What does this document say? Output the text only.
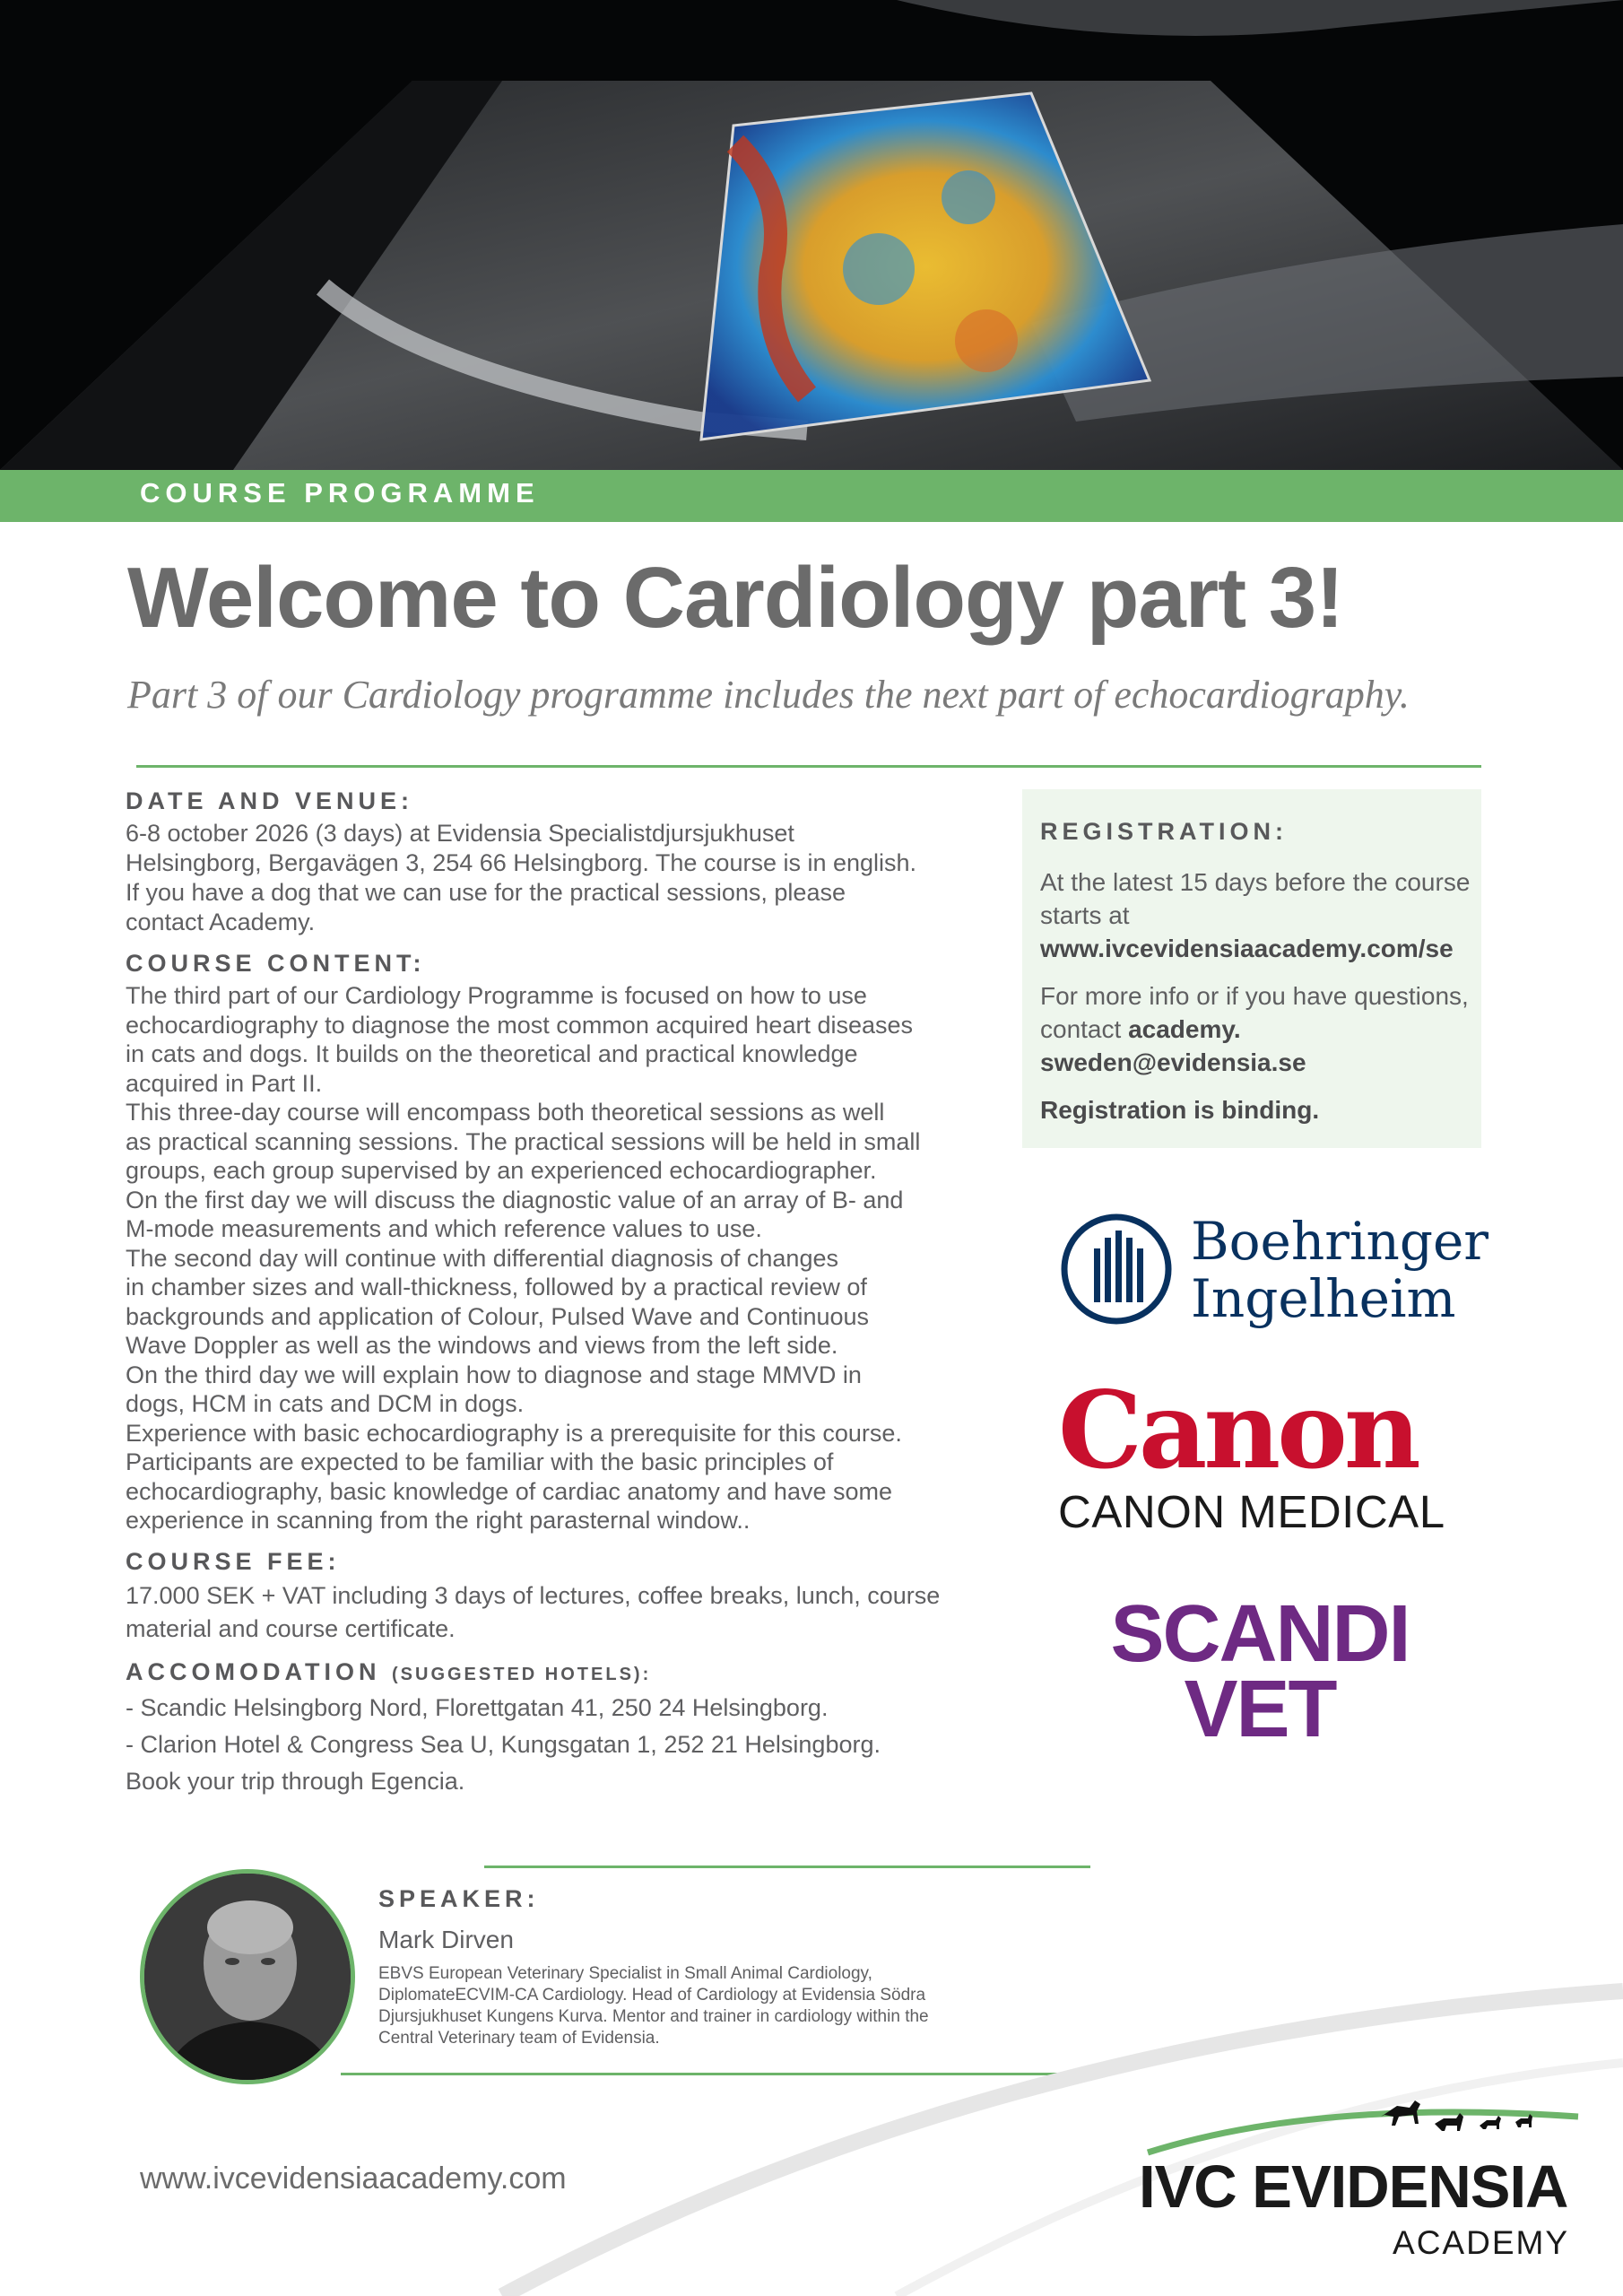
COURSE PROGRAMME
Welcome to Cardiology part 3!

Part 3 of our Cardiology programme includes the next part of echocardiography.

DATE AND VENUE:

6-8 october 2026 (3 days) at Evidensia Specialistdjursjukhuset

Helsingborg, Bergavägen 3, 254 66 Helsingborg. The course is in english.

If you have a dog that we can use for the practical sessions, please

contact Academy.

COURSE CONTENT:

The third part of our Cardiology Programme is focused on how to use

echocardiography to diagnose the most common acquired heart diseases

in cats and dogs. It builds on the theoretical and practical knowledge

acquired in Part II.

This three-day course will encompass both theoretical sessions as well

as practical scanning sessions. The practical sessions will be held in small

groups, each group supervised by an experienced echocardiographer.

On the first day we will discuss the diagnostic value of an array of B- and

M-mode measurements and which reference values to use.

The second day will continue with differential diagnosis of changes

in chamber sizes and wall-thickness, followed by a practical review of

backgrounds and application of Colour, Pulsed Wave and Continuous

Wave Doppler as well as the windows and views from the left side.

On the third day we will explain how to diagnose and stage MMVD in

dogs, HCM in cats and DCM in dogs.

Experience with basic echocardiography is a prerequisite for this course.

Participants are expected to be familiar with the basic principles of

echocardiography, basic knowledge of cardiac anatomy and have some

experience in scanning from the right parasternal window..

COURSE FEE:

17.000 SEK + VAT including 3 days of lectures, coffee breaks, lunch, course

material and course certificate.

ACCOMODATION (SUGGESTED HOTELS):

- Scandic Helsingborg Nord, Florettgatan 41, 250 24 Helsingborg.

- Clarion Hotel & Congress Sea U, Kungsgatan 1, 252 21 Helsingborg.

Book your trip through Egencia.

REGISTRATION:

At the latest 15 days before the course starts at
www.ivcevidensiaacademy.com/se

For more info or if you have questions, contact academy.
sweden@evidensia.se

Registration is binding.

Boehringer
Ingelheim
Canon
CANON MEDICAL
SCANDI
VET
SPEAKER:
Mark Dirven
EBVS European Veterinary Specialist in Small Animal Cardiology,
DiplomateECVIM-CA Cardiology. Head of Cardiology at Evidensia Södra
Djursjukhuset Kungens Kurva. Mentor and trainer in cardiology within the
Central Veterinary team of Evidensia.
www.ivcevidensiaacademy.com	IVC EVIDENSIA
ACADEMY
